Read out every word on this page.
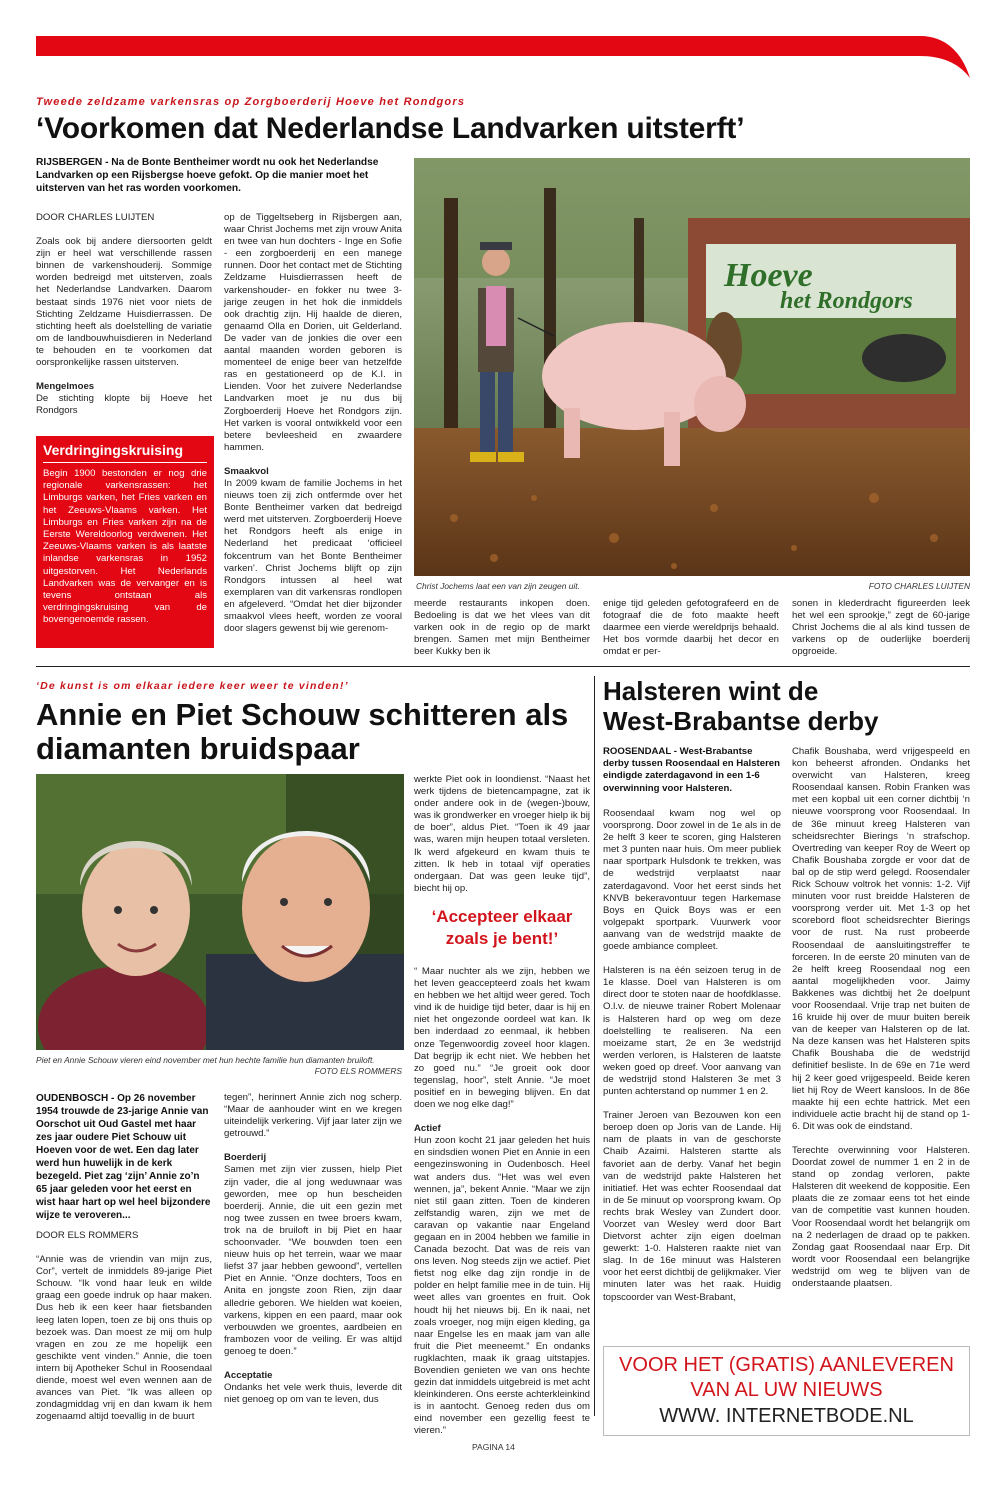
Tweede zeldzame varkensras op Zorgboerderij Hoeve het Rondgors
‘Voorkomen dat Nederlandse Landvarken uitsterft’
RIJSBERGEN - Na de Bonte Bentheimer wordt nu ook het Nederlandse Landvarken op een Rijsbergse hoeve gefokt. Op die manier moet het uitsterven van het ras worden voorkomen.

DOOR CHARLES LUIJTEN

Zoals ook bij andere diersoorten geldt zijn er heel wat verschillende rassen binnen de varkenshouderij. Sommige worden bedreigd met uitsterven, zoals het Nederlandse Landvarken. Daarom bestaat sinds 1976 niet voor niets de Stichting Zeldzame Huisdierrassen. De stichting heeft als doelstelling de variatie om de landbouwhuisdieren in Nederland te behouden en te voorkomen dat oorspronkelijke rassen uitsterven.

Mengelmoes

De stichting klopte bij Hoeve het Rondgors

Verdringingskruising
Begin 1900 bestonden er nog drie regionale varkensrassen: het Limburgs varken, het Fries varken en het Zeeuws-Vlaams varken. Het Limburgs en Fries varken zijn na de Eerste Wereldoorlog verdwenen. Het Zeeuws-Vlaams varken is als laatste inlandse varkensras in 1952 uitgestorven. Het Nederlands Landvarken was de vervanger en is tevens ontstaan als verdringingskruising van de bovengenoemde rassen.

op de Tiggeltseberg in Rijsbergen aan, waar Christ Jochems met zijn vrouw Anita en twee van hun dochters - Inge en Sofie - een zorgboerderij en een manege runnen. Door het contact met de Stichting Zeldzame Huisdierrassen heeft de varkenshouder- en fokker nu twee 3-jarige zeugen in het hok die inmiddels ook drachtig zijn. Hij haalde de dieren, genaamd Olla en Dorien, uit Gelderland. De vader van de jonkies die over een aantal maanden worden geboren is momenteel de enige beer van hetzelfde ras en gestationeerd op de K.I. in Lienden. Voor het zuivere Nederlandse Landvarken moet je nu dus bij Zorgboerderij Hoeve het Rondgors zijn. Het varken is vooral ontwikkeld voor een betere bevleesheid en zwaardere hammen.

Smaakvol

In 2009 kwam de familie Jochems in het nieuws toen zij zich ontfermde over het Bonte Bentheimer varken dat bedreigd werd met uitsterven. Zorgboerderij Hoeve het Rondgors heeft als enige in Nederland het predicaat ‘officieel fokcentrum van het Bonte Bentheimer varken’. Christ Jochems blijft op zijn Rondgors intussen al heel wat exemplaren van dit varkensras rondlopen en afgeleverd. “Omdat het dier bijzonder smaakvol vlees heeft, worden ze vooral door slagers gewenst bij wie gerenom-

Hoeve
het Rondgors
Christ Jochems laat een van zijn zeugen uit.	FOTO CHARLES LUIJTEN
meerde restaurants inkopen doen. Bedoeling is dat we het vlees van dit varken ook in de regio op de markt brengen. Samen met mijn Bentheimer beer Kukky ben ik
enige tijd geleden gefotografeerd en de fotograaf die de foto maakte heeft daarmee een vierde wereldprijs behaald. Het bos vormde daarbij het decor en omdat er per-
sonen in klederdracht figureerden leek het wel een sprookje,” zegt de 60-jarige Christ Jochems die al als kind tussen de varkens op de ouderlijke boerderij opgroeide.
‘De kunst is om elkaar iedere keer weer te vinden!’
Annie en Piet Schouw schitteren als
diamanten bruidspaar
Piet en Annie Schouw vieren eind november met hun hechte familie hun diamanten bruiloft.
FOTO ELS ROMMERS
OUDENBOSCH - Op 26 november 1954 trouwde de 23-jarige Annie van Oorschot uit Oud Gastel met haar zes jaar oudere Piet Schouw uit Hoeven voor de wet. Een dag later werd hun huwelijk in de kerk bezegeld. Piet zag ‘zijn’ Annie zo’n 65 jaar geleden voor het eerst en wist haar hart op wel heel bijzondere wijze te veroveren...

DOOR ELS ROMMERS

“Annie was de vriendin van mijn zus, Cor”, vertelt de inmiddels 89-jarige Piet Schouw. “Ik vond haar leuk en wilde graag een goede indruk op haar maken. Dus heb ik een keer haar fietsbanden leeg laten lopen, toen ze bij ons thuis op bezoek was. Dan moest ze mij om hulp vragen en zou ze me hopelijk een geschikte vent vinden.” Annie, die toen intern bij Apotheker Schul in Roosendaal diende, moest wel even wennen aan de avances van Piet. “Ik was alleen op zondagmiddag vrij en dan kwam ik hem zogenaamd altijd toevallig in de buurt

tegen”, herinnert Annie zich nog scherp. “Maar de aanhouder wint en we kregen uiteindelijk verkering. Vijf jaar later zijn we getrouwd.”

Boerderij

Samen met zijn vier zussen, hielp Piet zijn vader, die al jong weduwnaar was geworden, mee op hun bescheiden boerderij. Annie, die uit een gezin met nog twee zussen en twee broers kwam, trok na de bruiloft in bij Piet en haar schoonvader. “We bouwden toen een nieuw huis op het terrein, waar we maar liefst 37 jaar hebben gewoond”, vertellen Piet en Annie. “Onze dochters, Toos en Anita en jongste zoon Rien, zijn daar alledrie geboren. We hielden wat koeien, varkens, kippen en een paard, maar ook verbouwden we groentes, aardbeien en frambozen voor de veiling. Er was altijd genoeg te doen.”

Acceptatie

Ondanks het vele werk thuis, leverde dit niet genoeg op om van te leven, dus

werkte Piet ook in loondienst. “Naast het werk tijdens de bietencampagne, zat ik onder andere ook in de (wegen-)bouw, was ik grondwerker en vroeger hielp ik bij de boer”, aldus Piet. “Toen ik 49 jaar was, waren mijn heupen totaal versleten. Ik werd afgekeurd en kwam thuis te zitten. Ik heb in totaal vijf operaties ondergaan. Dat was geen leuke tijd”, biecht hij op.
‘Accepteer elkaar zoals je bent!’

“ Maar nuchter als we zijn, hebben we het leven geaccepteerd zoals het kwam en hebben we het altijd weer gered. Toch vind ik de huidige tijd beter, daar is hij en niet het ongezonde oordeel wat kan. Ik ben inderdaad zo eenmaal, ik hebben onze Tegenwoordig zoveel hoor klagen. Dat begrijp ik echt niet. We hebben het zo goed nu.” “Je groeit ook door tegenslag, hoor”, stelt Annie. “Je moet positief en in beweging blijven. En dat doen we nog elke dag!”

Actief

Hun zoon kocht 21 jaar geleden het huis en sindsdien wonen Piet en Annie in een eengezinswoning in Oudenbosch. Heel wat anders dus. “Het was wel even wennen, ja”, bekent Annie. “Maar we zijn niet stil gaan zitten. Toen de kinderen zelfstandig waren, zijn we met de caravan op vakantie naar Engeland gegaan en in 2004 hebben we familie in Canada bezocht. Dat was de reis van ons leven. Nog steeds zijn we actief. Piet fietst nog elke dag zijn rondje in de polder en helpt familie mee in de tuin. Hij weet alles van groentes en fruit. Ook houdt hij het nieuws bij. En ik naai, net zoals vroeger, nog mijn eigen kleding, ga naar Engelse les en maak jam van alle fruit die Piet meeneemt.” En ondanks rugklachten, maak ik graag uitstapjes. Bovendien genieten we van ons hechte gezin dat inmiddels uitgebreid is met acht kleinkinderen. Ons eerste achterkleinkind is in aantocht. Genoeg reden dus om eind november een gezellig feest te vieren.”

Halsteren wint de
West-Brabantse derby
ROOSENDAAL - West-Brabantse derby tussen Roosendaal en Halsteren eindigde zaterdagavond in een 1-6 overwinning voor Halsteren.

Roosendaal kwam nog wel op voorsprong. Door zowel in de 1e als in de 2e helft 3 keer te scoren, ging Halsteren met 3 punten naar huis. Om meer publiek naar sportpark Hulsdonk te trekken, was de wedstrijd verplaatst naar zaterdagavond. Voor het eerst sinds het KNVB bekeravontuur tegen Harkemase Boys en Quick Boys was er een volgepakt sportpark. Vuurwerk voor aanvang van de wedstrijd maakte de goede ambiance compleet.

Halsteren is na één seizoen terug in de 1e klasse. Doel van Halsteren is om direct door te stoten naar de hoofdklasse. O.l.v. de nieuwe trainer Robert Molenaar is Halsteren hard op weg om deze doelstelling te realiseren. Na een moeizame start, 2e en 3e wedstrijd werden verloren, is Halsteren de laatste weken goed op dreef. Voor aanvang van de wedstrijd stond Halsteren 3e met 3 punten achterstand op nummer 1 en 2.

Trainer Jeroen van Bezouwen kon een beroep doen op Joris van de Lande. Hij nam de plaats in van de geschorste Chaib Azaimi. Halsteren startte als favoriet aan de derby. Vanaf het begin van de wedstrijd pakte Halsteren het initiatief. Het was echter Roosendaal dat in de 5e minuut op voorsprong kwam. Op rechts brak Wesley van Zundert door. Voorzet van Wesley werd door Bart Dietvorst achter zijn eigen doelman gewerkt: 1-0. Halsteren raakte niet van slag. In de 16e minuut was Halsteren voor het eerst dichtbij de gelijkmaker. Vier minuten later was het raak. Huidig topscoorder van West-Brabant,

Chafik Boushaba, werd vrijgespeeld en kon beheerst afronden. Ondanks het overwicht van Halsteren, kreeg Roosendaal kansen. Robin Franken was met een kopbal uit een corner dichtbij ‘n nieuwe voorsprong voor Roosendaal. In de 36e minuut kreeg Halsteren van scheidsrechter Bierings ‘n strafschop. Overtreding van keeper Roy de Weert op Chafik Boushaba zorgde er voor dat de bal op de stip werd gelegd. Roosendaler Rick Schouw voltrok het vonnis: 1-2. Vijf minuten voor rust breidde Halsteren de voorsprong verder uit. Met 1-3 op het scorebord floot scheidsrechter Bierings voor de rust. Na rust probeerde Roosendaal de aansluitingstreffer te forceren. In de eerste 20 minuten van de 2e helft kreeg Roosendaal nog een aantal mogelijkheden voor. Jaimy Bakkenes was dichtbij het 2e doelpunt voor Roosendaal. Vrije trap net buiten de 16 kruide hij over de muur buiten bereik van de keeper van Halsteren op de lat. Na deze kansen was het Halsteren spits Chafik Boushaba die de wedstrijd definitief besliste. In de 69e en 71e werd hij 2 keer goed vrijgespeeld. Beide keren liet hij Roy de Weert kansloos. In de 86e maakte hij een echte hattrick. Met een individuele actie bracht hij de stand op 1-6. Dit was ook de eindstand.

Terechte overwinning voor Halsteren. Doordat zowel de nummer 1 en 2 in de stand op zondag verloren, pakte Halsteren dit weekend de koppositie. Een plaats die ze zomaar eens tot het einde van de competitie vast kunnen houden. Voor Roosendaal wordt het belangrijk om na 2 nederlagen de draad op te pakken. Zondag gaat Roosendaal naar Erp. Dit wordt voor Roosendaal een belangrijke wedstrijd om weg te blijven van de onderstaande plaatsen.

VOOR HET (GRATIS) AANLEVEREN
VAN AL UW NIEUWS
WWW. INTERNETBODE.NL
PAGINA 14
